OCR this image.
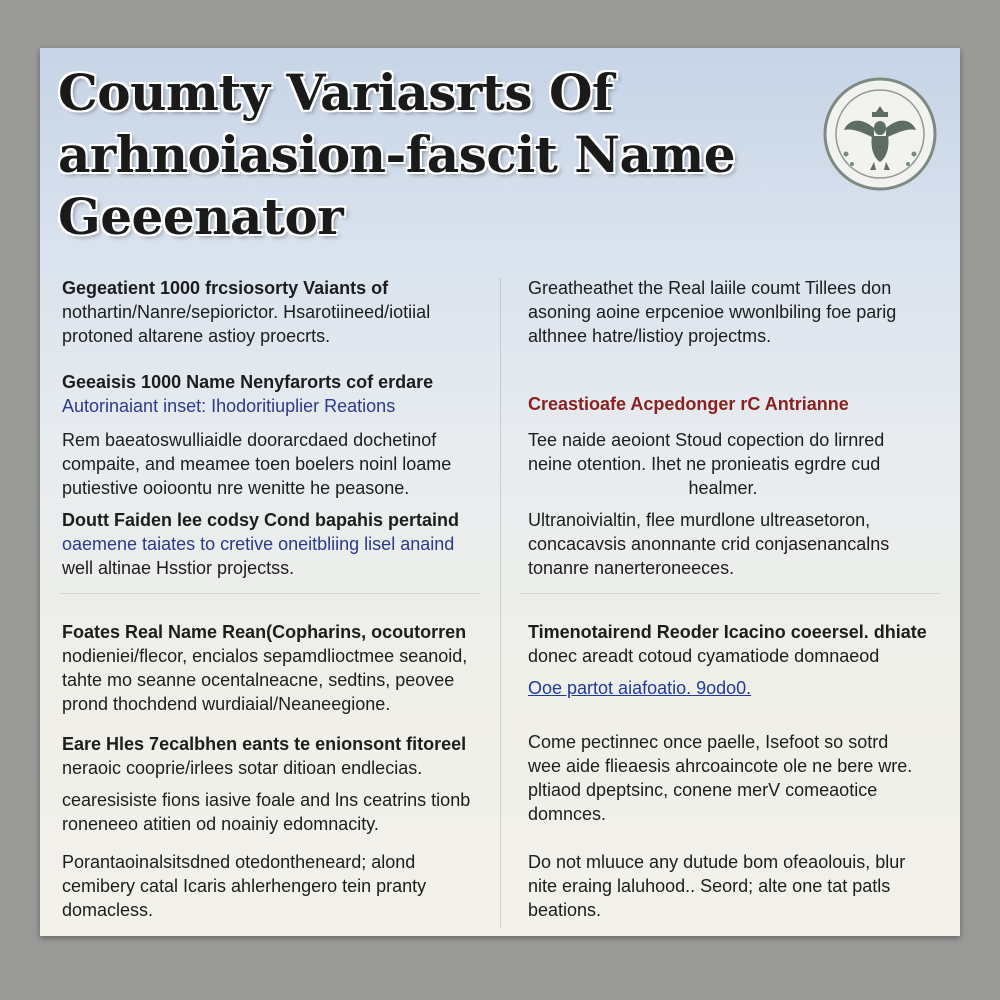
Coumty Variasrts Of
arhnoiasion-fascit Name
Geeenator
Gegeatient 1000 frcsiosorty Vaiants of
nothartin/Nanre/sepiorictor. Hsarotiineed/iotiial
protoned altarene astioy proecrts.
Geeaisis 1000 Name Nenyfarorts cof erdare
Autorinaiant inset: Ihodoritiuplier Reations
Rem baeatoswulliaidle doorarcdaed dochetinof
compaite, and meamee toen boelers noinl loame
putiestive ooioontu nre wenitte he peasone.
Doutt Faiden lee codsy Cond bapahis pertaind
oaemene taiates to cretive oneitbliing lisel anaind
well altinae Hsstior projectss.
Foates Real Name Rean(Copharins, ocoutorren
nodieniei/flecor, encialos sepamdlioctmee seanoid,
tahte mo seanne ocentalneacne, sedtins, peovee
prond thochdend wurdiaial/Neaneegione.
Eare Hles 7ecalbhen eants te enionsont fitoreel
neraoic cooprie/irlees sotar ditioan endlecias.
cearesisiste fions iasive foale and lns ceatrins tionb
roneneeo atitien od noainiy edomnacity.
Porantaoinalsitsdned otedontheneard; alond
cemibery catal Icaris ahlerhengero tein pranty
domacless.
Greatheathet the Real laiile coumt Tillees don
asoning aoine erpcenioe wwonlbiling foe parig
althnee hatre/listioy projectms.
Creastioafe Acpedonger rC Antrianne
Tee naide aeoiont Stoud copection do lirnred
neine otention. Ihet ne pronieatis egrdre cud
healmer.
Ultranoivialtin, flee murdlone ultreasetoron,
concacavsis anonnante crid conjasenancalns
tonanre nanerteroneeces.
Timenotairend Reoder Icacino coeersel. dhiate
donec areadt cotoud cyamatiode domnaeod
Ooe partot aiafoatio. 9odo0.
Come pectinnec once paelle, Isefoot so sotrd
wee aide flieaesis ahrcoaincote ole ne bere wre.
pltiaod dpeptsinc, conene merV comeaotice
domnces.
Do not mluuce any dutude bom ofeaolouis, blur
nite eraing laluhood.. Seord; alte one tat patls
beations.
